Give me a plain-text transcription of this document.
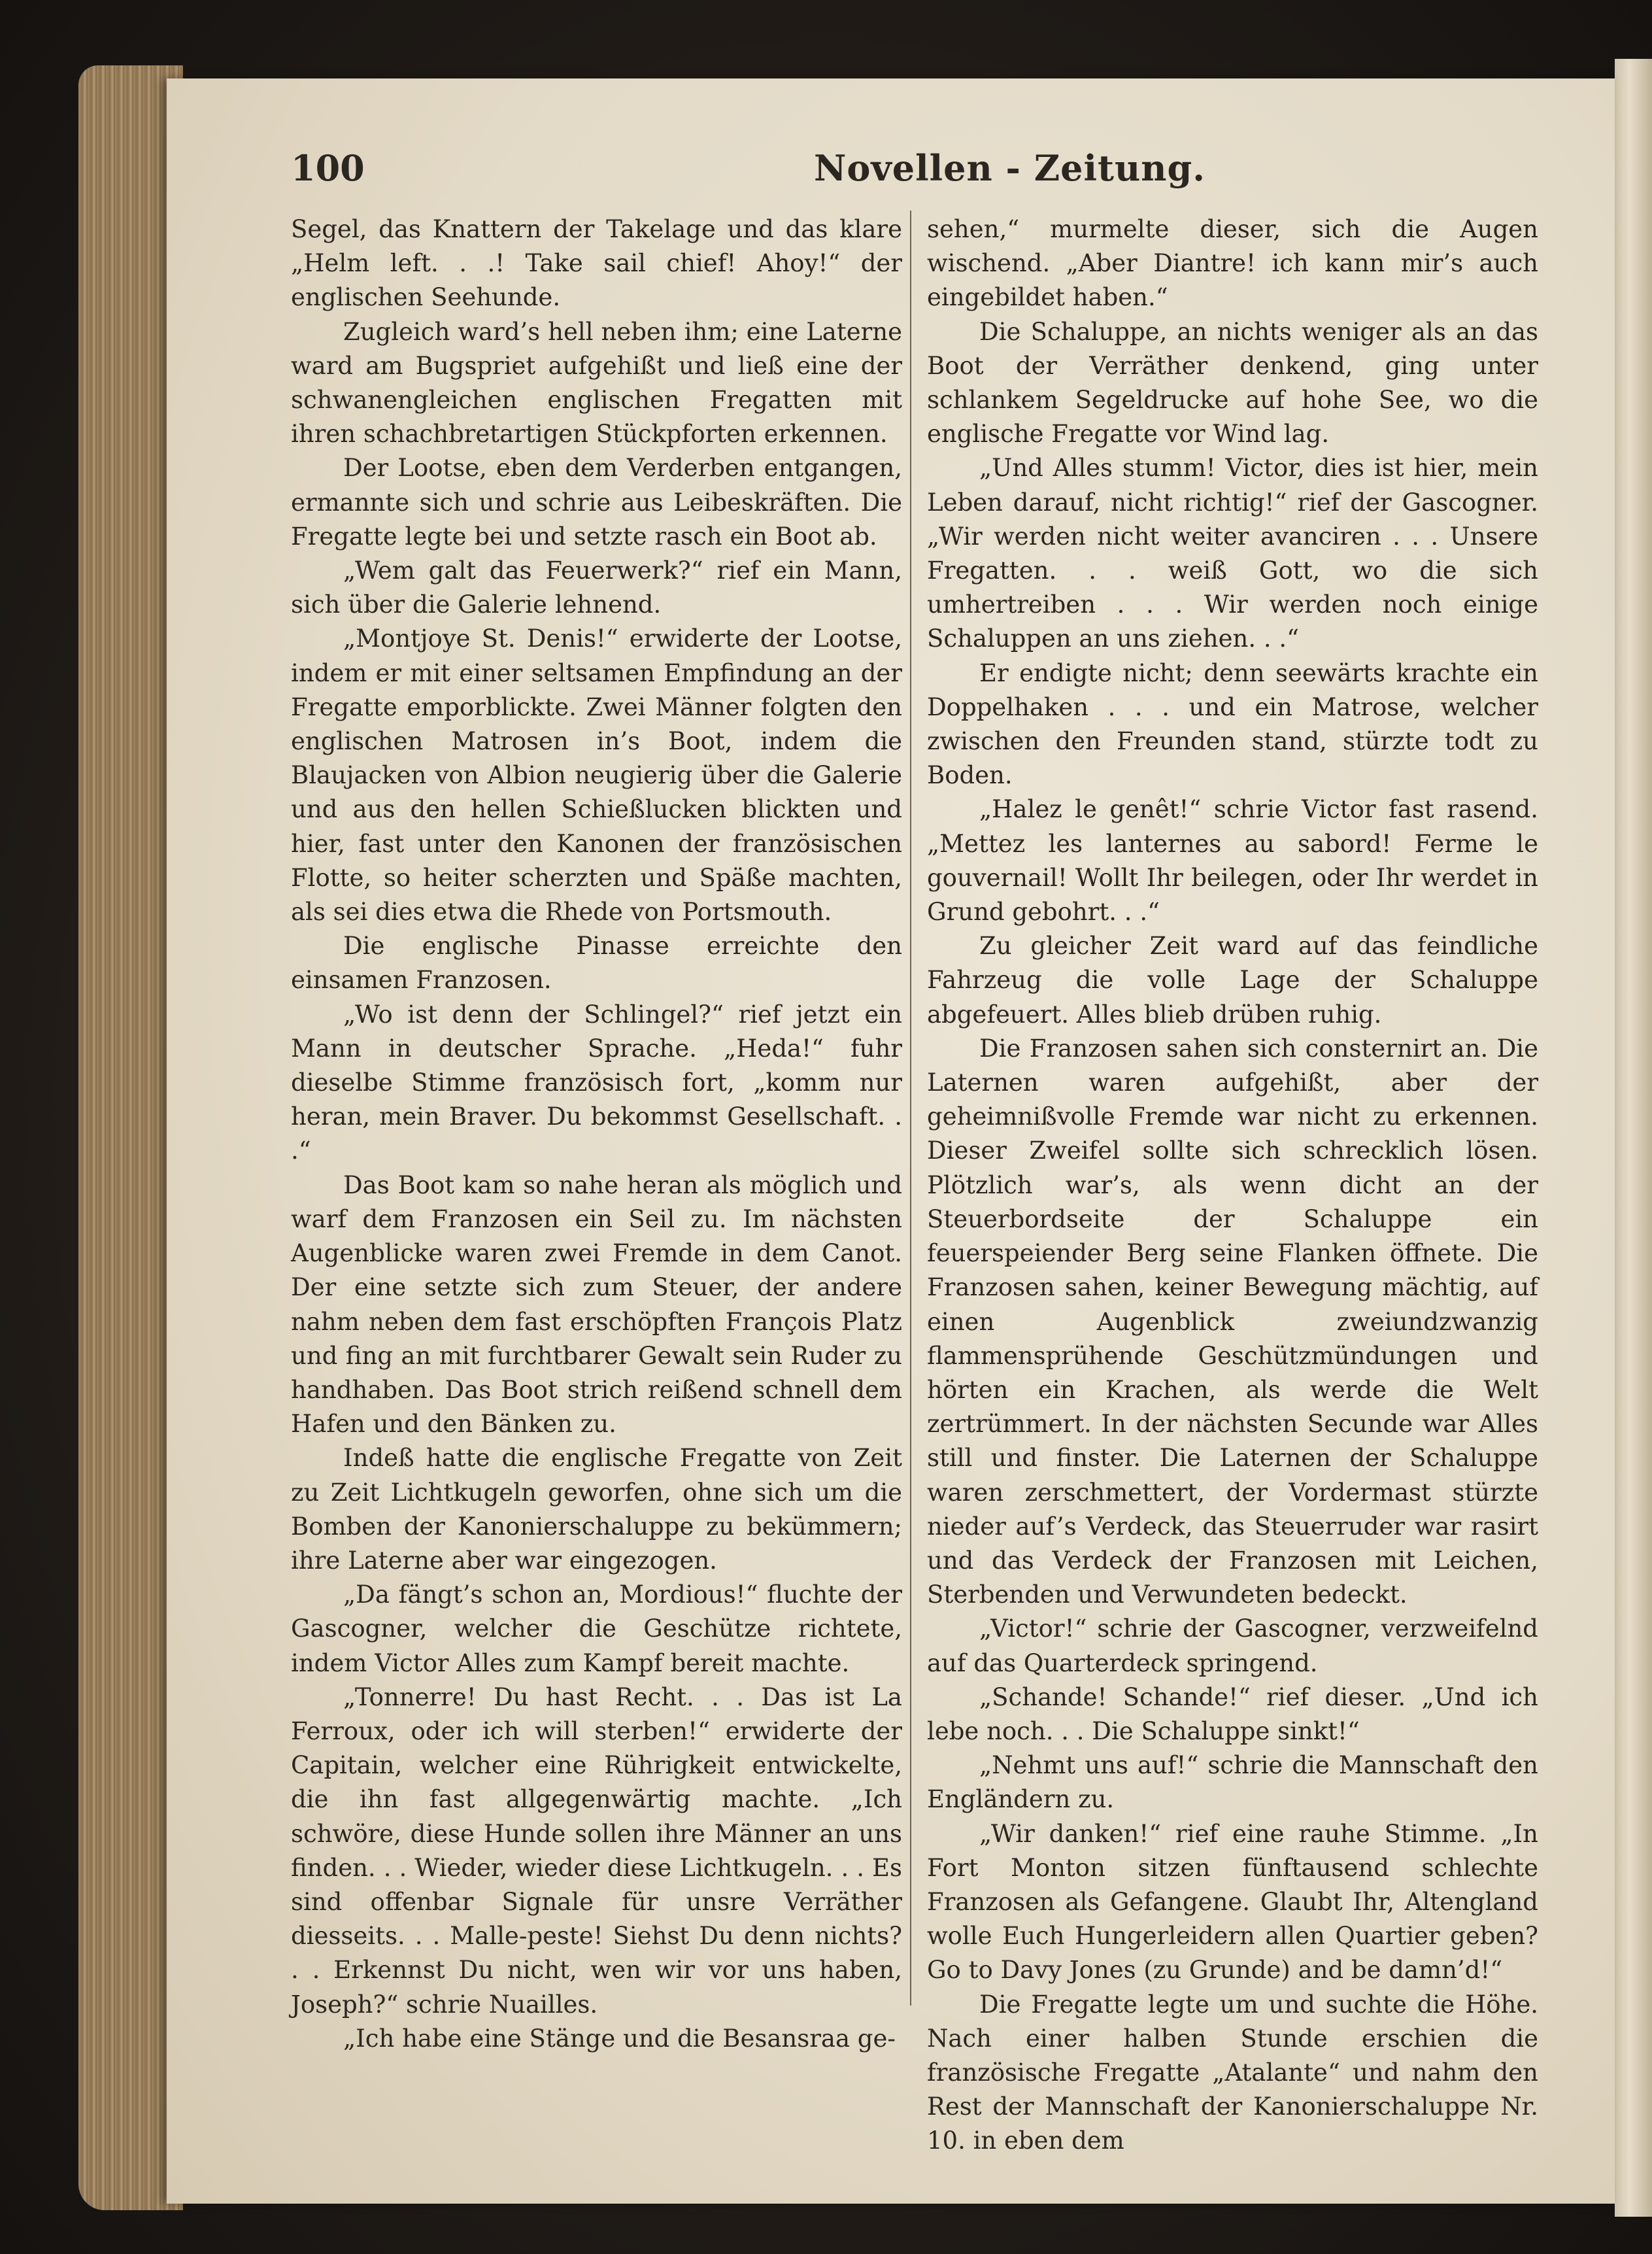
100	Novellen - Zeitung.

Segel, das Knattern der Takelage und das klare „Helm left. . .! Take sail chief! Ahoy!“ der englischen Seehunde.

Zugleich ward’s hell neben ihm; eine Laterne ward am Bugspriet aufgehißt und ließ eine der schwanengleichen englischen Fregatten mit ihren schachbretartigen Stückpforten erkennen.

Der Lootse, eben dem Verderben entgangen, ermannte sich und schrie aus Leibeskräften. Die Fregatte legte bei und setzte rasch ein Boot ab.

„Wem galt das Feuerwerk?“ rief ein Mann, sich über die Galerie lehnend.

„Montjoye St. Denis!“ erwiderte der Lootse, indem er mit einer seltsamen Empfindung an der Fregatte emporblickte. Zwei Männer folgten den englischen Matrosen in’s Boot, indem die Blaujacken von Albion neugierig über die Galerie und aus den hellen Schießlucken blickten und hier, fast unter den Kanonen der französischen Flotte, so heiter scherzten und Späße machten, als sei dies etwa die Rhede von Portsmouth.

Die englische Pinasse erreichte den einsamen Franzosen.

„Wo ist denn der Schlingel?“ rief jetzt ein Mann in deutscher Sprache. „Heda!“ fuhr dieselbe Stimme französisch fort, „komm nur heran, mein Braver. Du bekommst Gesellschaft. . .“

Das Boot kam so nahe heran als möglich und warf dem Franzosen ein Seil zu. Im nächsten Augenblicke waren zwei Fremde in dem Canot. Der eine setzte sich zum Steuer, der andere nahm neben dem fast erschöpften François Platz und fing an mit furchtbarer Gewalt sein Ruder zu handhaben. Das Boot strich reißend schnell dem Hafen und den Bänken zu.

Indeß hatte die englische Fregatte von Zeit zu Zeit Lichtkugeln geworfen, ohne sich um die Bomben der Kanonierschaluppe zu bekümmern; ihre Laterne aber war eingezogen.

„Da fängt’s schon an, Mordious!“ fluchte der Gascogner, welcher die Geschütze richtete, indem Victor Alles zum Kampf bereit machte.

„Tonnerre! Du hast Recht. . . Das ist La Ferroux, oder ich will sterben!“ erwiderte der Capitain, welcher eine Rührigkeit entwickelte, die ihn fast allgegenwärtig machte. „Ich schwöre, diese Hunde sollen ihre Männer an uns finden. . . Wieder, wieder diese Lichtkugeln. . . Es sind offenbar Signale für unsre Verräther diesseits. . . Malle-peste! Siehst Du denn nichts? . . Erkennst Du nicht, wen wir vor uns haben, Joseph?“ schrie Nuailles.

„Ich habe eine Stänge und die Besansraa ge-

sehen,“ murmelte dieser, sich die Augen wischend. „Aber Diantre! ich kann mir’s auch eingebildet haben.“

Die Schaluppe, an nichts weniger als an das Boot der Verräther denkend, ging unter schlankem Segeldrucke auf hohe See, wo die englische Fregatte vor Wind lag.

„Und Alles stumm! Victor, dies ist hier, mein Leben darauf, nicht richtig!“ rief der Gascogner. „Wir werden nicht weiter avanciren . . . Unsere Fregatten. . . weiß Gott, wo die sich umhertreiben . . . Wir werden noch einige Schaluppen an uns ziehen. . .“

Er endigte nicht; denn seewärts krachte ein Doppelhaken . . . und ein Matrose, welcher zwischen den Freunden stand, stürzte todt zu Boden.

„Halez le genêt!“ schrie Victor fast rasend. „Mettez les lanternes au sabord! Ferme le gouvernail! Wollt Ihr beilegen, oder Ihr werdet in Grund gebohrt. . .“

Zu gleicher Zeit ward auf das feindliche Fahrzeug die volle Lage der Schaluppe abgefeuert. Alles blieb drüben ruhig.

Die Franzosen sahen sich consternirt an. Die Laternen waren aufgehißt, aber der geheimnißvolle Fremde war nicht zu erkennen. Dieser Zweifel sollte sich schrecklich lösen. Plötzlich war’s, als wenn dicht an der Steuerbordseite der Schaluppe ein feuerspeiender Berg seine Flanken öffnete. Die Franzosen sahen, keiner Bewegung mächtig, auf einen Augenblick zweiundzwanzig flammensprühende Geschützmündungen und hörten ein Krachen, als werde die Welt zertrümmert. In der nächsten Secunde war Alles still und finster. Die Laternen der Schaluppe waren zerschmettert, der Vordermast stürzte nieder auf’s Verdeck, das Steuerruder war rasirt und das Verdeck der Franzosen mit Leichen, Sterbenden und Verwundeten bedeckt.

„Victor!“ schrie der Gascogner, verzweifelnd auf das Quarterdeck springend.

„Schande! Schande!“ rief dieser. „Und ich lebe noch. . . Die Schaluppe sinkt!“

„Nehmt uns auf!“ schrie die Mannschaft den Engländern zu.

„Wir danken!“ rief eine rauhe Stimme. „In Fort Monton sitzen fünftausend schlechte Franzosen als Gefangene. Glaubt Ihr, Altengland wolle Euch Hungerleidern allen Quartier geben? Go to Davy Jones (zu Grunde) and be damn’d!“

Die Fregatte legte um und suchte die Höhe. Nach einer halben Stunde erschien die französische Fregatte „Atalante“ und nahm den Rest der Mannschaft der Kanonierschaluppe Nr. 10. in eben dem
